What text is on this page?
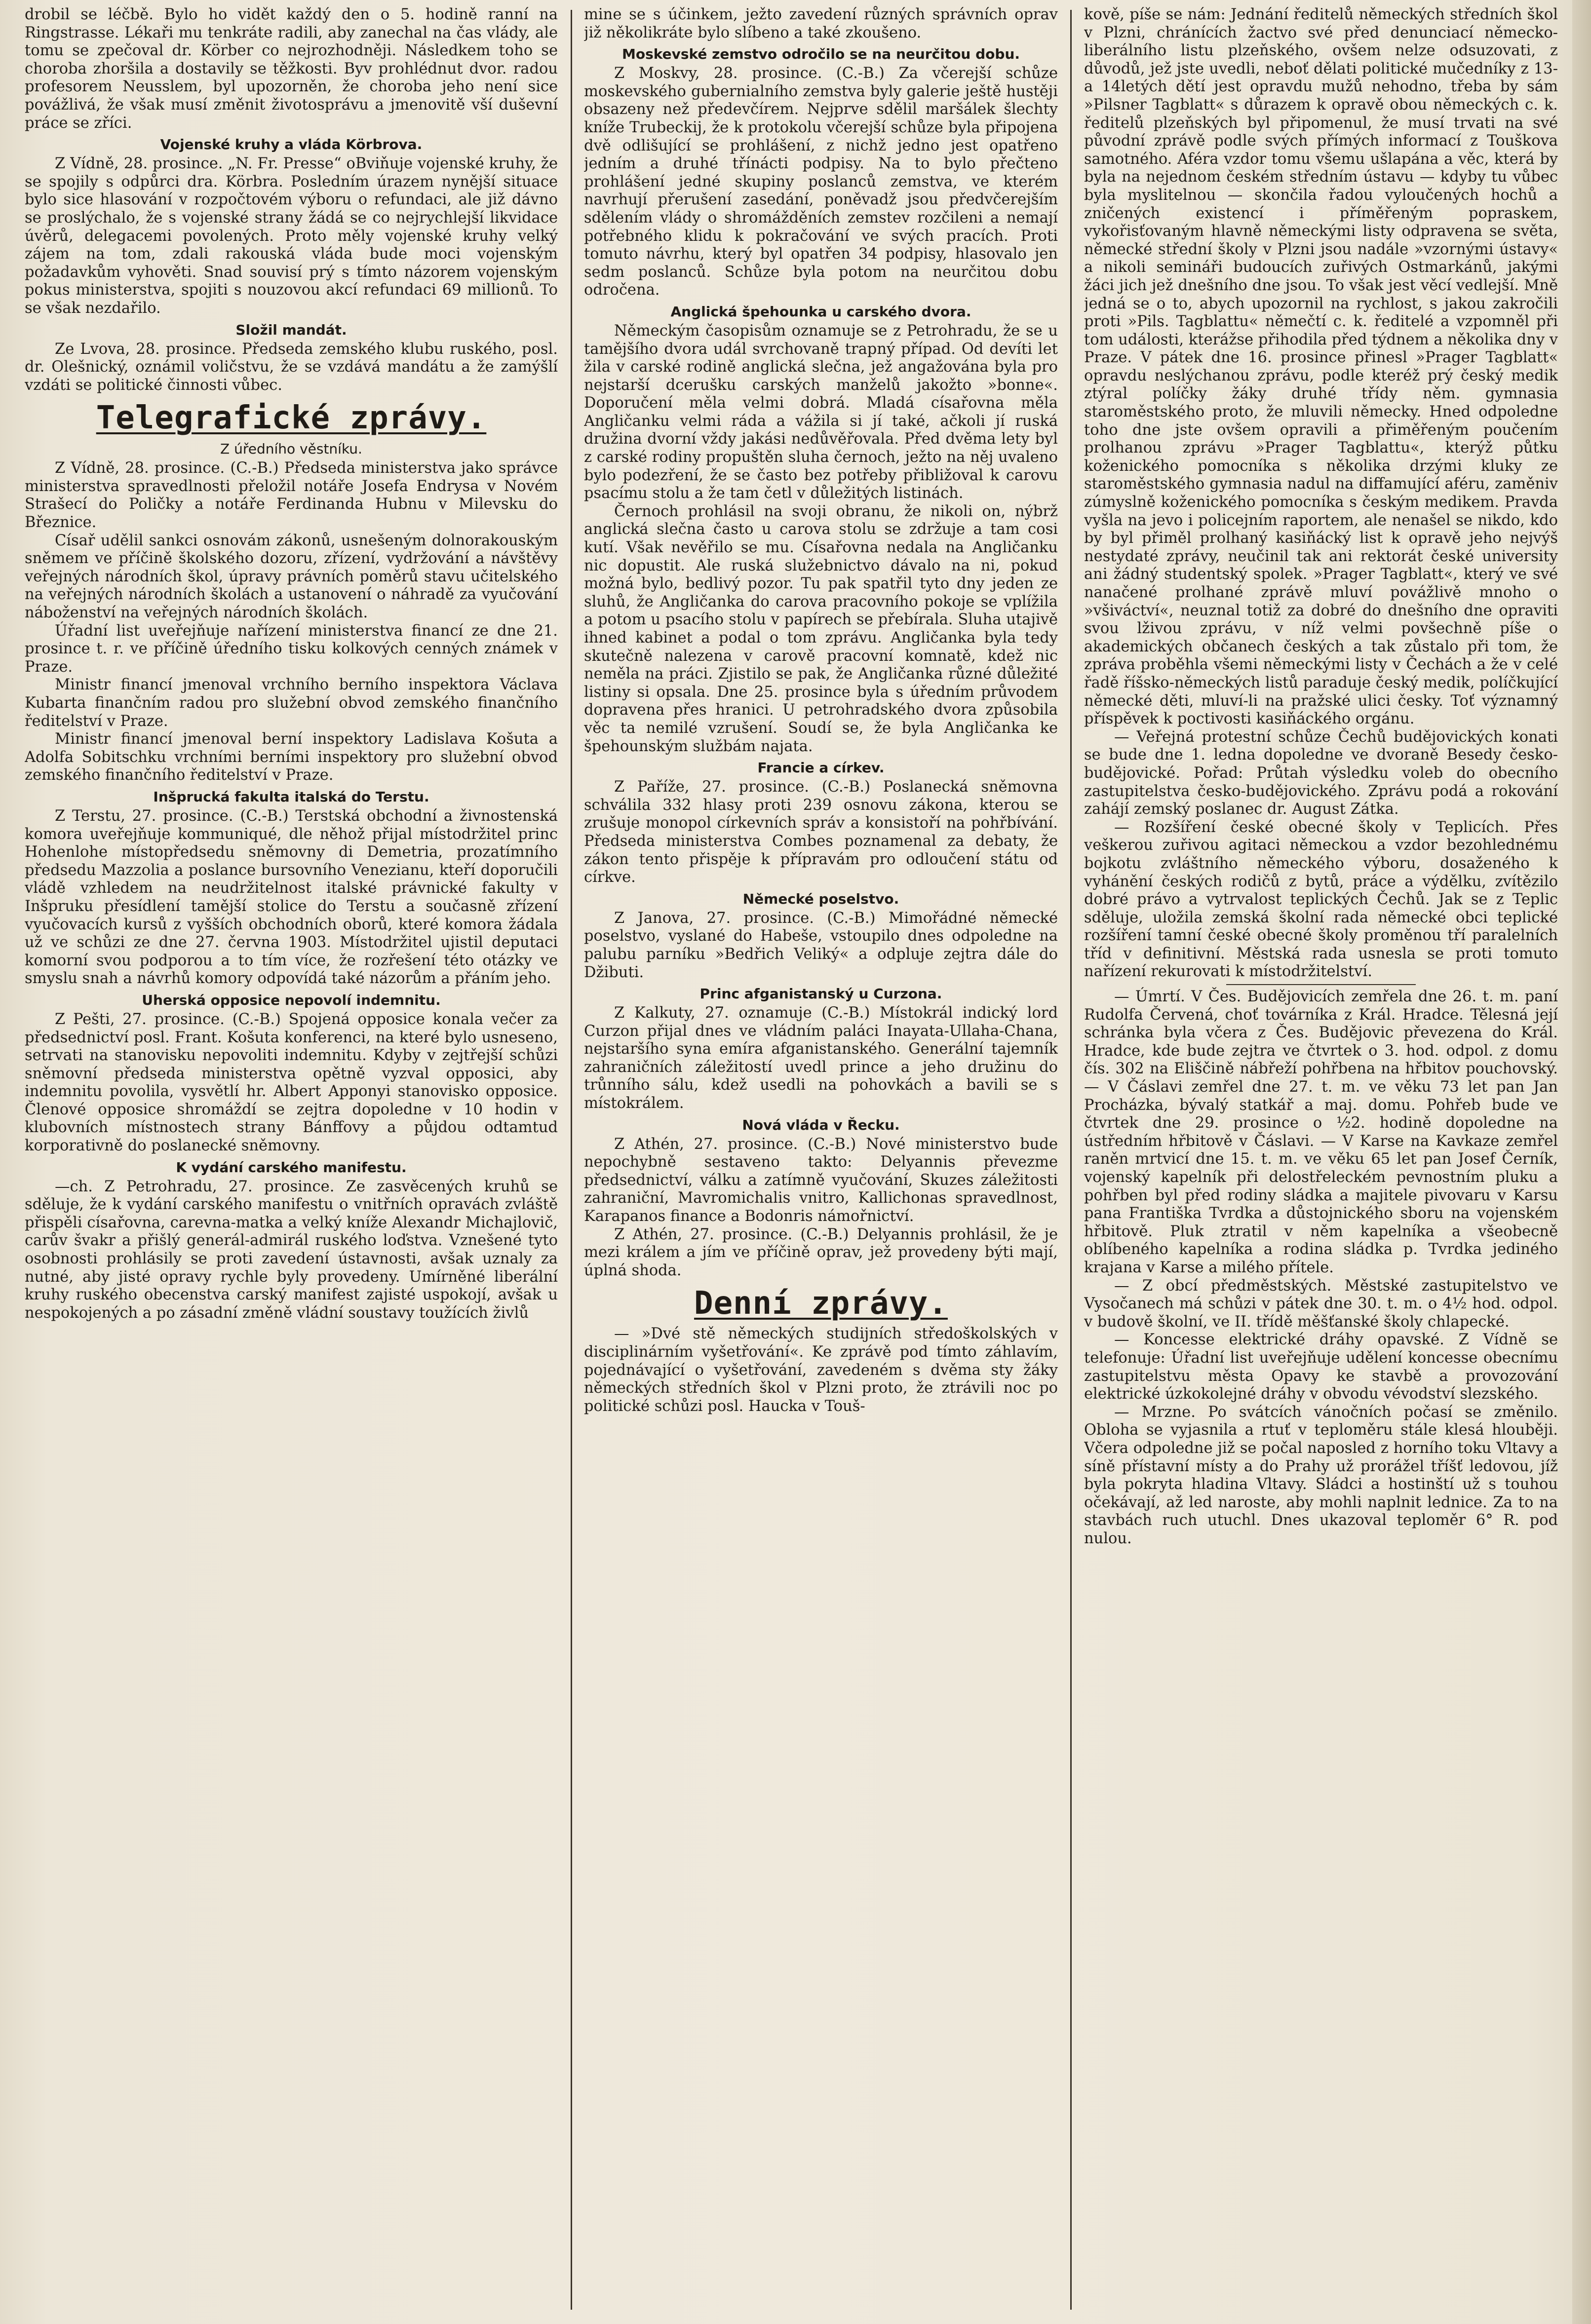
drobil se léčbě. Bylo ho vidět každý den o 5. hodině ranní na Ringstrasse. Lékaři mu tenkráte radili, aby zanechal na čas vlády, ale tomu se zpečoval dr. Körber co nejrozhodněji. Následkem toho se choroba zhoršila a dostavily se těžkosti. Byv prohlédnut dvor. radou profesorem Neusslem, byl upozorněn, že choroba jeho není sice povážlivá, že však musí změnit životosprávu a jmenovitě vší duševní práce se zříci.

Vojenské kruhy a vláda Körbrova.

Z Vídně, 28. prosince. „N. Fr. Presse“ oBviňuje vojenské kruhy, že se spojily s odpůrci dra. Körbra. Posledním úrazem nynější situace bylo sice hlasování v rozpočtovém výboru o refundaci, ale již dávno se proslýchalo, že s vojenské strany žádá se co nejrychlejší likvidace úvěrů, delegacemi povolených. Proto měly vojenské kruhy velký zájem na tom, zdali rakouská vláda bude moci vojenským požadavkům vyhověti. Snad souvisí prý s tímto názorem vojenským pokus ministerstva, spojiti s nouzovou akcí refundaci 69 millionů. To se však nezdařilo.

Složil mandát.

Ze Lvova, 28. prosince. Předseda zemského klubu ruského, posl. dr. Olešnický, oznámil voličstvu, že se vzdává mandátu a že zamýšlí vzdáti se politické činnosti vůbec.

Telegrafické zprávy.
Z úředního věstníku.

Z Vídně, 28. prosince. (C.-B.) Předseda ministerstva jako správce ministerstva spravedlnosti přeložil notáře Josefa Endrysa v Novém Strašecí do Poličky a notáře Ferdinanda Hubnu v Milevsku do Březnice.

Císař udělil sankci osnovám zákonů, usnešeným dolnorakouským sněmem ve příčině školského dozoru, zřízení, vydržování a návštěvy veřejných národních škol, úpravy právních poměrů stavu učitelského na veřejných národních školách a ustanovení o náhradě za vyučování náboženství na veřejných národních školách.

Úřadní list uveřejňuje nařízení ministerstva financí ze dne 21. prosince t. r. ve příčině úředního tisku kolkových cenných známek v Praze.

Ministr financí jmenoval vrchního berního inspektora Václava Kubarta finančním radou pro služební obvod zemského finančního ředitelství v Praze.

Ministr financí jmenoval berní inspektory Ladislava Košuta a Adolfa Sobitschku vrchními berními inspektory pro služební obvod zemského finančního ředitelství v Praze.

Inšprucká fakulta italská do Terstu.

Z Terstu, 27. prosince. (C.-B.) Terstská obchodní a živnostenská komora uveřejňuje kommuniqué, dle něhož přijal místodržitel princ Hohenlohe místopředsedu sněmovny di Demetria, prozatímního předsedu Mazzolia a poslance bursovního Venezianu, kteří doporučili vládě vzhledem na neudržitelnost italské právnické fakulty v Inšpruku přesídlení tamější stolice do Terstu a současně zřízení vyučovacích kursů z vyšších obchodních oborů, které komora žádala už ve schůzi ze dne 27. června 1903. Místodržitel ujistil deputaci komorní svou podporou a to tím více, že rozřešení této otázky ve smyslu snah a návrhů komory odpovídá také názorům a přáním jeho.

Uherská opposice nepovolí indemnitu.

Z Pešti, 27. prosince. (C.-B.) Spojená opposice konala večer za předsednictví posl. Frant. Košuta konferenci, na které bylo usneseno, setrvati na stanovisku nepovoliti indemnitu. Kdyby v zejtřejší schůzi sněmovní předseda ministerstva opětně vyzval opposici, aby indemnitu povolila, vysvětlí hr. Albert Apponyi stanovisko opposice. Členové opposice shromáždí se zejtra dopoledne v 10 hodin v klubovních místnostech strany Bánffovy a půjdou odtamtud korporativně do poslanecké sněmovny.

K vydání carského manifestu.

—ch. Z Petrohradu, 27. prosince. Ze zasvěcených kruhů se sděluje, že k vydání carského manifestu o vnitřních opravách zvláště přispěli císařovna, carevna-matka a velký kníže Alexandr Michajlovič, carův švakr a přišlý generál-admirál ruského loďstva. Vznešené tyto osobnosti prohlásily se proti zavedení ústavnosti, avšak uznaly za nutné, aby jisté opravy rychle byly provedeny. Umírněné liberální kruhy ruského obecenstva carský manifest zajisté uspokojí, avšak u nespokojených a po zásadní změně vládní soustavy toužících živlů

mine se s účinkem, ježto zavedení různých správních oprav již několikráte bylo slíbeno a také zkoušeno.

Moskevské zemstvo odročilo se na neurčitou dobu.

Z Moskvy, 28. prosince. (C.-B.) Za včerejší schůze moskevského gubernialního zemstva byly galerie ještě hustěji obsazeny než předevčírem. Nejprve sdělil maršálek šlechty kníže Trubeckij, že k protokolu včerejší schůze byla připojena dvě odlišující se prohlášení, z nichž jedno jest opatřeno jedním a druhé třínácti podpisy. Na to bylo přečteno prohlášení jedné skupiny poslanců zemstva, ve kterém navrhují přerušení zasedání, poněvadž jsou předvčerejším sdělením vlády o shromážděních zemstev rozčileni a nemají potřebného klidu k pokračování ve svých pracích. Proti tomuto návrhu, který byl opatřen 34 podpisy, hlasovalo jen sedm poslanců. Schůze byla potom na neurčitou dobu odročena.

Anglická špehounka u carského dvora.

Německým časopisům oznamuje se z Petrohradu, že se u tamějšího dvora udál svrchovaně trapný případ. Od devíti let žila v carské rodině anglická slečna, jež angažována byla pro nejstarší dcerušku carských manželů jakožto »bonne«. Doporučení měla velmi dobrá. Mladá císařovna měla Angličanku velmi ráda a vážila si jí také, ačkoli jí ruská družina dvorní vždy jakási nedůvěřovala. Před dvěma lety byl z carské rodiny propuštěn sluha černoch, ježto na něj uvaleno bylo podezření, že se často bez potřeby přibližoval k carovu psacímu stolu a že tam četl v důležitých listinách.

Černoch prohlásil na svoji obranu, že nikoli on, nýbrž anglická slečna často u carova stolu se zdržuje a tam cosi kutí. Však nevěřilo se mu. Císařovna nedala na Angličanku nic dopustit. Ale ruská služebnictvo dávalo na ni, pokud možná bylo, bedlivý pozor. Tu pak spatřil tyto dny jeden ze sluhů, že Angličanka do carova pracovního pokoje se vplížila a potom u psacího stolu v papírech se přebírala. Sluha utajivě ihned kabinet a podal o tom zprávu. Angličanka byla tedy skutečně nalezena v carově pracovní komnatě, kdež nic neměla na práci. Zjistilo se pak, že Angličanka různé důležité listiny si opsala. Dne 25. prosince byla s úředním průvodem dopravena přes hranici. U petrohradského dvora způsobila věc ta nemilé vzrušení. Soudí se, že byla Angličanka ke špehounským službám najata.

Francie a církev.

Z Paříže, 27. prosince. (C.-B.) Poslanecká sněmovna schválila 332 hlasy proti 239 osnovu zákona, kterou se zrušuje monopol církevních správ a konsistoří na pohřbívání. Předseda ministerstva Combes poznamenal za debaty, že zákon tento přispěje k přípravám pro odloučení státu od církve.

Německé poselstvo.

Z Janova, 27. prosince. (C.-B.) Mimořádné německé poselstvo, vyslané do Habeše, vstoupilo dnes odpoledne na palubu parníku »Bedřich Veliký« a odpluje zejtra dále do Džibuti.

Princ afganistanský u Curzona.

Z Kalkuty, 27. oznamuje (C.-B.) Místokrál indický lord Curzon přijal dnes ve vládním paláci Inayata-Ullaha-Chana, nejstaršího syna emíra afganistanského. Generální tajemník zahraničních záležitostí uvedl prince a jeho družinu do trůnního sálu, kdež usedli na pohovkách a bavili se s místokrálem.

Nová vláda v Řecku.

Z Athén, 27. prosince. (C.-B.) Nové ministerstvo bude nepochybně sestaveno takto: Delyannis převezme předsednictví, válku a zatímně vyučování, Skuzes záležitosti zahraniční, Mavromichalis vnitro, Kallichonas spravedlnost, Karapanos finance a Bodonris námořnictví.

Z Athén, 27. prosince. (C.-B.) Delyannis prohlásil, že je mezi králem a jím ve příčině oprav, jež provedeny býti mají, úplná shoda.

Denní zprávy.

— »Dvé stě německých studijních středoškolských v disciplinárním vyšetřování«. Ke zprávě pod tímto záhlavím, pojednávající o vyšetřování, zavedeném s dvěma sty žáky německých středních škol v Plzni proto, že ztrávili noc po politické schůzi posl. Haucka v Touš-

kově, píše se nám: Jednání ředitelů německých středních škol v Plzni, chránících žactvo své před denunciací německo-liberálního listu plzeňského, ovšem nelze odsuzovati, z důvodů, jež jste uvedli, neboť dělati politické mučedníky z 13- a 14letých dětí jest opravdu mužů nehodno, třeba by sám »Pilsner Tagblatt« s důrazem k opravě obou německých c. k. ředitelů plzeňských byl připomenul, že musí trvati na své původní zprávě podle svých přímých informací z Touškova samotného. Aféra vzdor tomu všemu ušlapána a věc, která by byla na nejednom českém středním ústavu — kdyby tu vůbec byla myslitelnou — skončila řadou vyloučených hochů a zničených existencí i příměřeným popraskem, vykořisťovaným hlavně německými listy odpravena se světa, německé střední školy v Plzni jsou nadále »vzornými ústavy« a nikoli semináři budoucích zuřivých Ostmarkánů, jakými žáci jich jež dnešního dne jsou. To však jest věcí vedlejší. Mně jedná se o to, abych upozornil na rychlost, s jakou zakročili proti »Pils. Tagblattu« němečtí c. k. ředitelé a vzpomněl při tom události, kterážse přihodila před týdnem a několika dny v Praze. V pátek dne 16. prosince přinesl »Prager Tagblatt« opravdu neslýchanou zprávu, podle kteréž prý český medik ztýral políčky žáky druhé třídy něm. gymnasia staroměstského proto, že mluvili německy. Hned odpoledne toho dne jste ovšem opravili a přiměřeným poučením prolhanou zprávu »Prager Tagblattu«, kterýž půtku koženického pomocníka s několika drzými kluky ze staroměstského gymnasia nadul na diffamující aféru, zaměniv zúmyslně koženického pomocníka s českým medikem. Pravda vyšla na jevo i policejním raportem, ale nenašel se nikdo, kdo by byl přiměl prolhaný kasiňácký list k opravě jeho nejvýš nestydaté zprávy, neučinil tak ani rektorát české university ani žádný studentský spolek. »Prager Tagblatt«, který ve své nanačené prolhané zprávě mluví povážlivě mnoho o »všiváctví«, neuznal totiž za dobré do dnešního dne opraviti svou lživou zprávu, v níž velmi povšechně píše o akademických občanech českých a tak zůstalo při tom, že zpráva proběhla všemi německými listy v Čechách a že v celé řadě říšsko-německých listů paraduje český medik, políčkující německé děti, mluví-li na pražské ulici česky. Toť významný příspěvek k poctivosti kasiňáckého orgánu.

— Veřejná protestní schůze Čechů budějovických konati se bude dne 1. ledna dopoledne ve dvoraně Besedy česko-budějovické. Pořad: Průtah výsledku voleb do obecního zastupitelstva česko-budějovického. Zprávu podá a rokování zahájí zemský poslanec dr. August Zátka.

— Rozšíření české obecné školy v Teplicích. Přes veškerou zuřivou agitaci německou a vzdor bezohlednému bojkotu zvláštního německého výboru, dosaženého k vyhánění českých rodičů z bytů, práce a výdělku, zvítězilo dobré právo a vytrvalost teplických Čechů. Jak se z Teplic sděluje, uložila zemská školní rada německé obci teplické rozšíření tamní české obecné školy proměnou tří paralelních tříd v definitivní. Městská rada usnesla se proti tomuto nařízení rekurovati k místodržitelství.

— Úmrtí. V Čes. Budějovicích zemřela dne 26. t. m. paní Rudolfa Červená, choť továrníka z Král. Hradce. Tělesná její schránka byla včera z Čes. Budějovic převezena do Král. Hradce, kde bude zejtra ve čtvrtek o 3. hod. odpol. z domu čís. 302 na Eliščině nábřeží pohřbena na hřbitov pouchovský. — V Čáslavi zemřel dne 27. t. m. ve věku 73 let pan Jan Procházka, bývalý statkář a maj. domu. Pohřeb bude ve čtvrtek dne 29. prosince o ½2. hodině dopoledne na ústředním hřbitově v Čáslavi. — V Karse na Kavkaze zemřel raněn mrtvicí dne 15. t. m. ve věku 65 let pan Josef Černík, vojenský kapelník při delostřeleckém pevnostním pluku a pohřben byl před rodiny sládka a majitele pivovaru v Karsu pana Františka Tvrdka a důstojnického sboru na vojenském hřbitově. Pluk ztratil v něm kapelníka a všeobecně oblíbeného kapelníka a rodina sládka p. Tvrdka jediného krajana v Karse a milého přítele.

— Z obcí předměstských. Městské zastupitelstvo ve Vysočanech má schůzi v pátek dne 30. t. m. o 4½ hod. odpol. v budově školní, ve II. třídě měšťanské školy chlapecké.

— Koncesse elektrické dráhy opavské. Z Vídně se telefonuje: Úřadní list uveřejňuje udělení koncesse obecnímu zastupitelstvu města Opavy ke stavbě a provozování elektrické úzkokolejné dráhy v obvodu vévodství slezského.

— Mrzne. Po svátcích vánočních počasí se změnilo. Obloha se vyjasnila a rtuť v teploměru stále klesá hlouběji. Včera odpoledne již se počal naposled z horního toku Vltavy a síně přístavní místy a do Prahy už prorážel tříšť ledovou, jíž byla pokryta hladina Vltavy. Sládci a hostinští už s touhou očekávají, až led naroste, aby mohli naplnit lednice. Za to na stavbách ruch utuchl. Dnes ukazoval teploměr 6° R. pod nulou.
